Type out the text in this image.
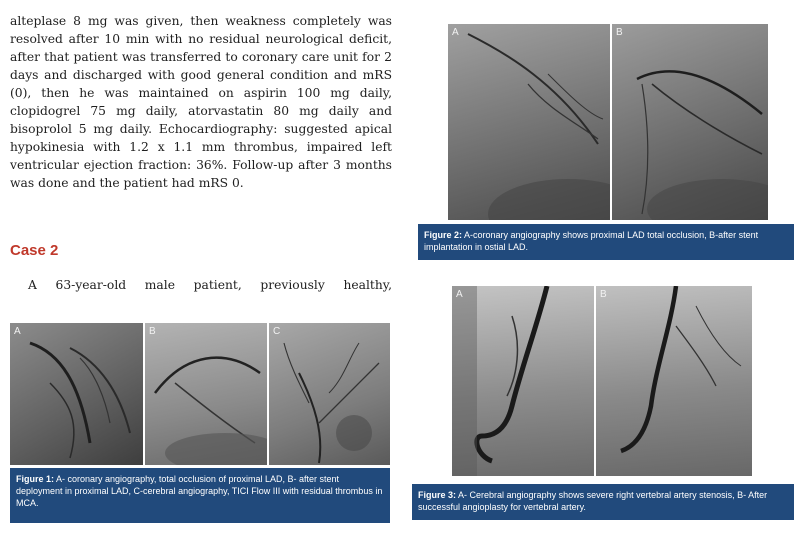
alteplase 8 mg was given, then weakness completely was resolved after 10 min with no residual neurological deficit, after that patient was transferred to coronary care unit for 2 days and discharged with good general condition and mRS (0), then he was maintained on aspirin 100 mg daily, clopidogrel 75 mg daily, atorvastatin 80 mg daily and bisoprolol 5 mg daily. Echocardiography: suggested apical hypokinesia with 1.2 x 1.1 mm thrombus, impaired left ventricular ejection fraction: 36%. Follow-up after 3 months was done and the patient had mRS 0.

Case 2

A 63-year-old male patient, previously healthy,

A	B	C
Figure 1: A- coronary angiography, total occlusion of proximal LAD, B- after stent deployment in proximal LAD, C-cerebral angiography, TICI Flow III with residual thrombus in MCA.
A	B
Figure 2: A-coronary angiography shows proximal LAD total occlusion, B-after stent implantation in ostial LAD.
A	B
Figure 3: A- Cerebral angiography shows severe right vertebral artery stenosis, B- After successful angioplasty for vertebral artery.
